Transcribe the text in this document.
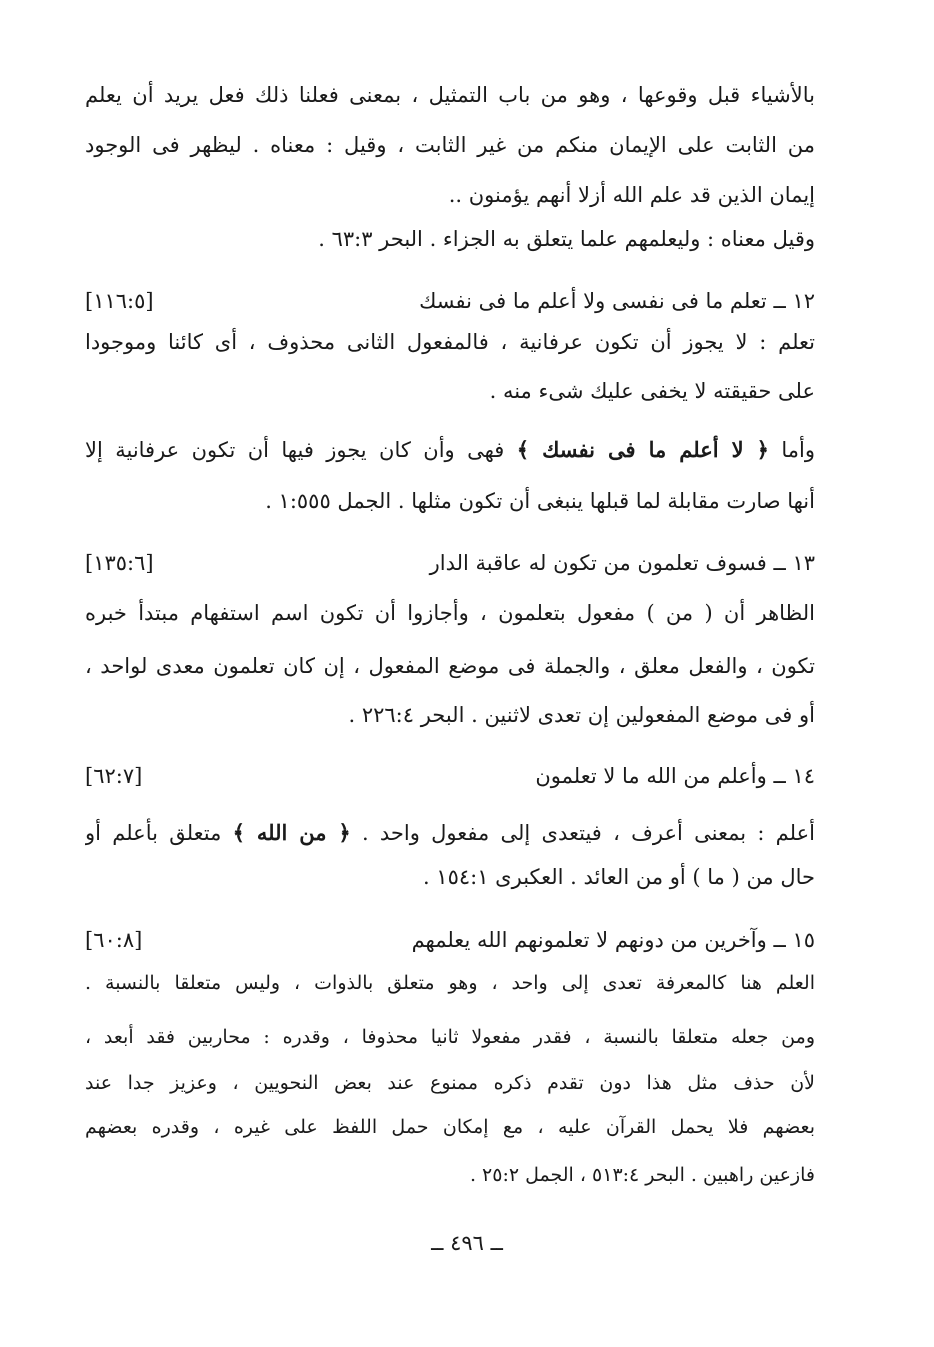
بالأشياء قبل وقوعها ، وهو من باب التمثيل ، بمعنى فعلنا ذلك فعل يريد أن يعلم
من الثابت على الإيمان منكم من غير الثابت ، وقيل : معناه . ليظهر فى الوجود
إيمان الذين قد علم الله أزلا أنهم يؤمنون ..
وقيل معناه : وليعلمهم علما يتعلق به الجزاء . البحر ٦٣:٣ .
١٢ ــ تعلم ما فى نفسى ولا أعلم ما فى نفسك
[١١٦:٥]
تعلم : لا يجوز أن تكون عرفانية ، فالمفعول الثانى محذوف ، أى كائنا وموجودا
على حقيقته لا يخفى عليك شىء منه .
وأما ﴿ لا أعلم ما فى نفسك ﴾ فهى وأن كان يجوز فيها أن تكون عرفانية إلا
أنها صارت مقابلة لما قبلها ينبغى أن تكون مثلها . الجمل ١:٥٥٥ .
١٣ ــ فسوف تعلمون من تكون له عاقبة الدار
[١٣٥:٦]
الظاهر أن ( من ) مفعول بتعلمون ، وأجازوا أن تكون اسم استفهام مبتدأ خبره
تكون ، والفعل معلق ، والجملة فى موضع المفعول ، إن كان تعلمون معدى لواحد ،
أو فى موضع المفعولين إن تعدى لاثنين . البحر ٢٢٦:٤ .
١٤ ــ وأعلم من الله ما لا تعلمون
[٦٢:٧]
أعلم : بمعنى أعرف ، فيتعدى إلى مفعول واحد . ﴿ من الله ﴾ متعلق بأعلم أو
حال من ( ما ) أو من العائد . العكبرى ١٥٤:١ .
١٥ ــ وآخرين من دونهم لا تعلمونهم الله يعلمهم
[٦٠:٨]
العلم هنا كالمعرفة تعدى إلى واحد ، وهو متعلق بالذوات ، وليس متعلقا بالنسبة .
ومن جعله متعلقا بالنسبة ، فقدر مفعولا ثانيا محذوفا ، وقدره : محاربين فقد أبعد ،
لأن حذف مثل هذا دون تقدم ذكره ممنوع عند بعض النحويين ، وعزيز جدا عند
بعضهم فلا يحمل القرآن عليه ، مع إمكان حمل اللفظ على غيره ، وقدره بعضهم
فازعين راهبين . البحر ٥١٣:٤ ، الجمل ٢٥:٢ .
ــ ٤٩٦ ــ
